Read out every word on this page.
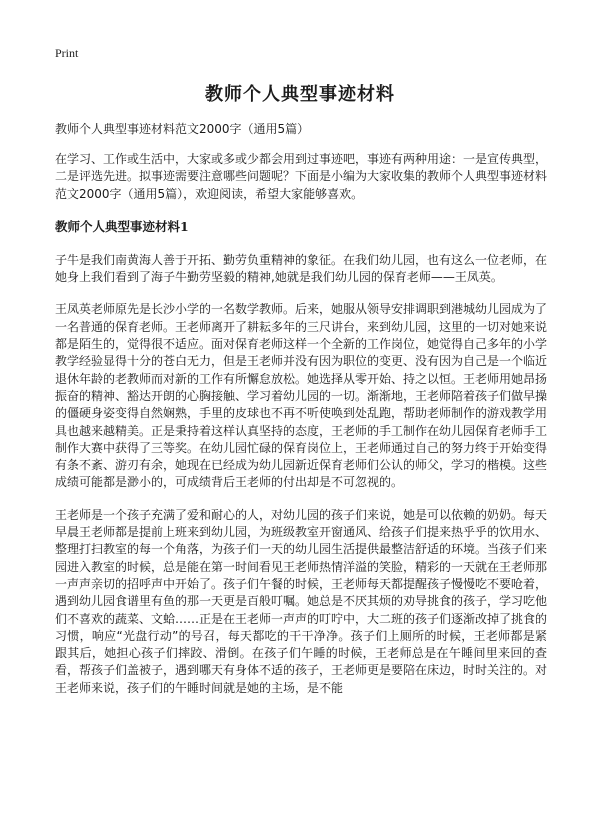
Print
教师个人典型事迹材料

教师个人典型事迹材料范文2000字（通用5篇）

在学习、工作或生活中，大家或多或少都会用到过事迹吧，事迹有两种用途：一是宣传典型，二是评选先进。拟事迹需要注意哪些问题呢？下面是小编为大家收集的教师个人典型事迹材料范文2000字（通用5篇），欢迎阅读，希望大家能够喜欢。

教师个人典型事迹材料1

子牛是我们南黄海人善于开拓、勤劳负重精神的象征。在我们幼儿园，也有这么一位老师，在她身上我们看到了海子牛勤劳坚毅的精神,她就是我们幼儿园的保育老师——王凤英。

王凤英老师原先是长沙小学的一名数学教师。后来，她服从领导安排调职到港城幼儿园成为了一名普通的保育老师。王老师离开了耕耘多年的三尺讲台，来到幼儿园，这里的一切对她来说都是陌生的，觉得很不适应。面对保育老师这样一个全新的工作岗位，她觉得自己多年的小学教学经验显得十分的苍白无力，但是王老师并没有因为职位的变更、没有因为自己是一个临近退休年龄的老教师而对新的工作有所懈怠放松。她选择从零开始、持之以恒。王老师用她昂扬振奋的精神、豁达开朗的心胸接触、学习着幼儿园的一切。渐渐地，王老师陪着孩子们做早操的僵硬身姿变得自然娴熟，手里的皮球也不再不听使唤到处乱跑，帮助老师制作的游戏教学用具也越来越精美。正是秉持着这样认真坚持的态度，王老师的手工制作在幼儿园保育老师手工制作大赛中获得了三等奖。在幼儿园忙碌的保育岗位上，王老师通过自己的努力终于开始变得有条不紊、游刃有余，她现在已经成为幼儿园新近保育老师们公认的师父，学习的楷模。这些成绩可能都是渺小的，可成绩背后王老师的付出却是不可忽视的。

王老师是一个孩子充满了爱和耐心的人，对幼儿园的孩子们来说，她是可以依赖的奶奶。每天早晨王老师都是提前上班来到幼儿园，为班级教室开窗通风、给孩子们提来热乎乎的饮用水、整理打扫教室的每一个角落，为孩子们一天的幼儿园生活提供最整洁舒适的环境。当孩子们来园进入教室的时候，总是能在第一时间看见王老师热情洋溢的笑脸，精彩的一天就在王老师那一声声亲切的招呼声中开始了。孩子们午餐的时候，王老师每天都提醒孩子慢慢吃不要呛着，遇到幼儿园食谱里有鱼的那一天更是百般叮嘱。她总是不厌其烦的劝导挑食的孩子，学习吃他们不喜欢的蔬菜、文蛤……正是在王老师一声声的叮咛中，大二班的孩子们逐渐改掉了挑食的习惯，响应“光盘行动”的号召，每天都吃的干干净净。孩子们上厕所的时候，王老师都是紧跟其后，她担心孩子们摔跤、滑倒。在孩子们午睡的时候，王老师总是在午睡间里来回的查看，帮孩子们盖被子，遇到哪天有身体不适的孩子，王老师更是要陪在床边，时时关注的。对王老师来说，孩子们的午睡时间就是她的主场，是不能
